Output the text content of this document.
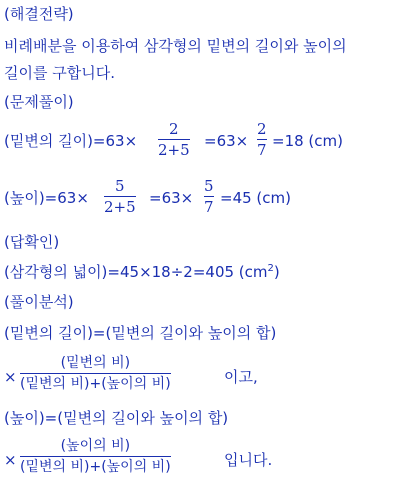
(해결전략)
비례배분을 이용하여 삼각형의 밑변의 길이와 높이의
길이를 구합니다.
(문제풀이)
(밑변의 길이)=63×
2
2+5 =63×
2
7 =18 (cm)
(높이)=63×
5
2+5 =63×
5
7 =45 (cm)
(답확인)
(삼각형의 넓이)=45×18÷2=405 $(cm^2)$
(풀이분석)
(밑변의 길이)=(밑변의 길이와 높이의 합)
×
(밑변의 비)
(밑변의 비)+(높이의 비)	이고,
(높이)=(밑변의 길이와 높이의 합)
×
(높이의 비)
(밑변의 비)+(높이의 비)	입니다.
